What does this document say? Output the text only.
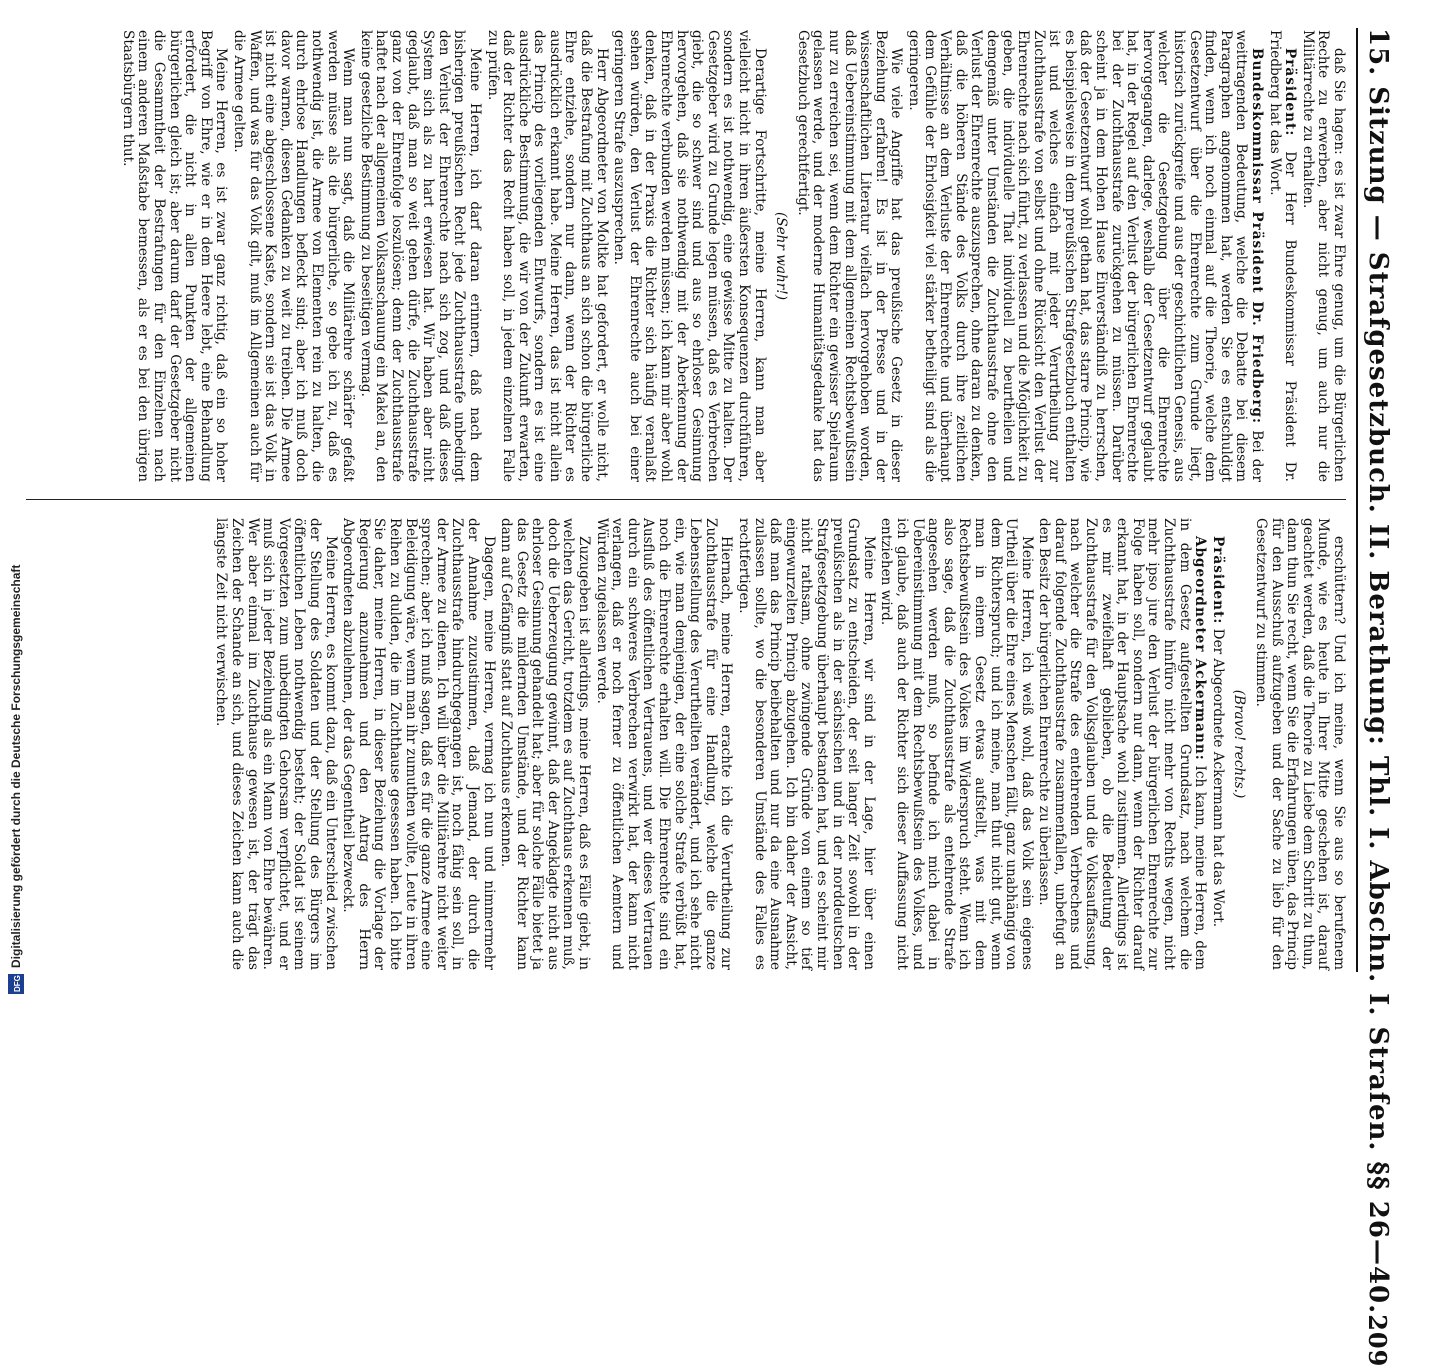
15. Sitzung — Strafgesetzbuch. II. Berathung: Thl. I. Abschn. I. Strafen. §§ 26—40.
209

daß Sie hagen: es ist zwar Ehre genug, um die Bürgerlichen Rechte zu erwerben, aber nicht genug, um auch nur die Militärrechte zu erhalten.

Präsident: Der Herr Bundeskommissar Präsident Dr. Friedberg hat das Wort.

Bundeskommissar Präsident Dr. Friedberg: Bei der weittragenden Bedeutung, welche die Debatte bei diesem Paragraphen angenommen hat, werden Sie es entschuldigt finden, wenn ich noch einmal auf die Theorie, welche dem Gesetzentwurf über die Ehrenrechte zum Grunde liegt, historisch zurückgreife und aus der geschichtlichen Genesis, aus welcher die Gesetzgebung über die Ehrenrechte hervorgegangen, darlege, weshalb der Gesetzentwurf geglaubt hat, in der Regel auf den Verlust der bürgerlichen Ehrenrechte bei der Zuchthausstrafe zurückgehen zu müssen. Darüber scheint ja in dem Hohen Hause Einverständniß zu herrschen, daß der Gesetzentwurf wohl gethan hat, das starre Princip, wie es beispielsweise in dem preußischen Strafgesetzbuch enthalten ist und welches einfach mit jeder Verurtheilung zur Zuchthausstrafe von selbst und ohne Rücksicht den Verlust der Ehrenrechte nach sich führt, zu verlassen und die Möglichkeit zu geben, die individuelle That individuell zu beurtheilen und demgemäß unter Umständen die Zuchthausstrafe ohne den Verlust der Ehrenrechte auszusprechen, ohne daran zu denken, daß die höheren Stände des Volks durch ihre zeitlichen Verhältnisse an dem Verluste der Ehrenrechte und überhaupt dem Gefühle der Ehrlosigkeit viel stärker betheiligt sind als die geringeren.

Wie viele Angriffe hat das preußische Gesetz in dieser Beziehung erfahren! Es ist in der Presse und in der wissenschaftlichen Literatur vielfach hervorgehoben worden, daß Uebereinstimmung mit dem allgemeinen Rechtsbewußtsein nur zu erreichen sei, wenn dem Richter ein gewisser Spielraum gelassen werde, und der moderne Humanitätsgedanke hat das Gesetzbuch gerechtfertigt.

(Sehr wahr!)

Derartige Fortschritte, meine Herren, kann man aber vielleicht nicht in ihren äußersten Konsequenzen durchführen, sondern es ist nothwendig, eine gewisse Mitte zu halten. Der Gesetzgeber wird zu Grunde legen müssen, daß es Verbrechen giebt, die so schwer sind und aus so ehrloser Gesinnung hervorgehen, daß sie nothwendig mit der Aberkennung der Ehrenrechte verbunden werden müssen; ich kann mir aber wohl denken, daß in der Praxis die Richter sich häufig veranlaßt sehen würden, den Verlust der Ehrenrechte auch bei einer geringeren Strafe auszusprechen.

Herr Abgeordneter von Moltke hat gefordert, er wolle nicht, daß die Bestrafung mit Zuchthaus an sich schon die bürgerliche Ehre entziehe, sondern nur dann, wenn der Richter es ausdrücklich erkannt habe. Meine Herren, das ist nicht allein das Princip des vorliegenden Entwurfs, sondern es ist eine ausdrückliche Bestimmung, die wir von der Zukunft erwarten, daß der Richter das Recht haben soll, in jedem einzelnen Falle zu prüfen.

Meine Herren, ich darf daran erinnern, daß nach dem bisherigen preußischen Recht jede Zuchthausstrafe unbedingt den Verlust der Ehrenrechte nach sich zog, und daß dieses System sich als zu hart erwiesen hat. Wir haben aber nicht geglaubt, daß man so weit gehen dürfe, die Zuchthausstrafe ganz von der Ehrenfolge loszulösen; denn der Zuchthausstrafe haftet nach der allgemeinen Volksanschauung ein Makel an, den keine gesetzliche Bestimmung zu beseitigen vermag.

Wenn man nun sagt, daß die Militärehre schärfer gefaßt werden müsse als die bürgerliche, so gebe ich zu, daß es nothwendig ist, die Armee von Elementen rein zu halten, die durch ehrlose Handlungen befleckt sind; aber ich muß doch davor warnen, diesen Gedanken zu weit zu treiben. Die Armee ist nicht eine abgeschlossene Kaste, sondern sie ist das Volk in Waffen, und was für das Volk gilt, muß im Allgemeinen auch für die Armee gelten.

Meine Herren, es ist zwar ganz richtig, daß ein so hoher Begriff von Ehre, wie er in dem Heere lebt, eine Behandlung erfordert, die nicht in allen Punkten der allgemeinen bürgerlichen gleich ist; aber darum darf der Gesetzgeber nicht die Gesammtheit der Bestrafungen für den Einzelnen nach einem anderen Maßstabe bemessen, als er es bei den übrigen Staatsbürgern thut.

erschüttern? Und ich meine, wenn Sie aus so berufenem Munde, wie es heute in Ihrer Mitte geschehen ist, darauf geachtet werden, daß die Theorie zu Liebe dem Schritt zu thun, dann thun Sie recht, wenn Sie die Erfahrungen üben, das Princip für den Ausschuß aufzugeben und der Sache zu lieb für den Gesetzentwurf zu stimmen.

(Bravo! rechts.)

Präsident: Der Abgeordnete Ackermann hat das Wort.

Abgeordneter Ackermann: Ich kann, meine Herren, dem in dem Gesetz aufgestellten Grundsatz, nach welchem die Zuchthausstrafe hinfüro nicht mehr von Rechts wegen, nicht mehr ipso jure den Verlust der bürgerlichen Ehrenrechte zur Folge haben soll, sondern nur dann, wenn der Richter darauf erkannt hat, in der Hauptsache wohl zustimmen. Allerdings ist es mir zweifelhaft geblieben, ob die Bedeutung der Zuchthausstrafe für den Volksglauben und die Volksauffassung, nach welcher die Strafe des entehrenden Verbrechens und darauf folgende Zuchthausstrafe zusammenfallen, unbefugt an den Besitz der bürgerlichen Ehrenrechte zu überlassen.

Meine Herren, ich weiß wohl, daß das Volk sein eigenes Urtheil über die Ehre eines Menschen fällt, ganz unabhängig von dem Richterspruch; und ich meine, man thut nicht gut, wenn man in einem Gesetz etwas aufstellt, was mit dem Rechtsbewußtsein des Volkes im Widerspruch steht. Wenn ich also sage, daß die Zuchthausstrafe als entehrende Strafe angesehen werden muß, so befinde ich mich dabei in Uebereinstimmung mit dem Rechtsbewußtsein des Volkes, und ich glaube, daß auch der Richter sich dieser Auffassung nicht entziehen wird.

Meine Herren, wir sind in der Lage, hier über einen Grundsatz zu entscheiden, der seit langer Zeit sowohl in der preußischen als in der sächsischen und in der norddeutschen Strafgesetzgebung überhaupt bestanden hat, und es scheint mir nicht rathsam, ohne zwingende Gründe von einem so tief eingewurzelten Princip abzugehen. Ich bin daher der Ansicht, daß man das Princip beibehalten und nur da eine Ausnahme zulassen sollte, wo die besonderen Umstände des Falles es rechtfertigen.

Hiernach, meine Herren, erachte ich die Verurtheilung zur Zuchthausstrafe für eine Handlung, welche die ganze Lebensstellung des Verurtheilten verändert, und ich sehe nicht ein, wie man demjenigen, der eine solche Strafe verbüßt hat, noch die Ehrenrechte erhalten will. Die Ehrenrechte sind ein Ausfluß des öffentlichen Vertrauens, und wer dieses Vertrauen durch ein schweres Verbrechen verwirkt hat, der kann nicht verlangen, daß er noch ferner zu öffentlichen Aemtern und Würden zugelassen werde.

Zuzugeben ist allerdings, meine Herren, daß es Fälle giebt, in welchen das Gericht, trotzdem es auf Zuchthaus erkennen muß, doch die Ueberzeugung gewinnt, daß der Angeklagte nicht aus ehrloser Gesinnung gehandelt hat; aber für solche Fälle bietet ja das Gesetz die mildernden Umstände, und der Richter kann dann auf Gefängniß statt auf Zuchthaus erkennen.

Dagegen, meine Herren, vermag ich nun und nimmermehr der Annahme zuzustimmen, daß Jemand, der durch die Zuchthausstrafe hindurchgegangen ist, noch fähig sein soll, in der Armee zu dienen. Ich will über die Militärehre nicht weiter sprechen; aber ich muß sagen, daß es für die ganze Armee eine Beleidigung wäre, wenn man ihr zumuthen wollte, Leute in ihren Reihen zu dulden, die im Zuchthause gesessen haben. Ich bitte Sie daher, meine Herren, in dieser Beziehung die Vorlage der Regierung anzunehmen und den Antrag des Herrn Abgeordneten abzulehnen, der das Gegentheil bezweckt.

Meine Herren, es kommt dazu, daß ein Unterschied zwischen der Stellung des Soldaten und der Stellung des Bürgers im öffentlichen Leben nothwendig besteht; der Soldat ist seinem Vorgesetzten zum unbedingten Gehorsam verpflichtet, und er muß sich in jeder Beziehung als ein Mann von Ehre bewähren. Wer aber einmal im Zuchthause gewesen ist, der trägt das Zeichen der Schande an sich, und dieses Zeichen kann auch die längste Zeit nicht verwischen.

DFG
Digitalisierung gefördert durch die Deutsche Forschungsgemeinschaft
